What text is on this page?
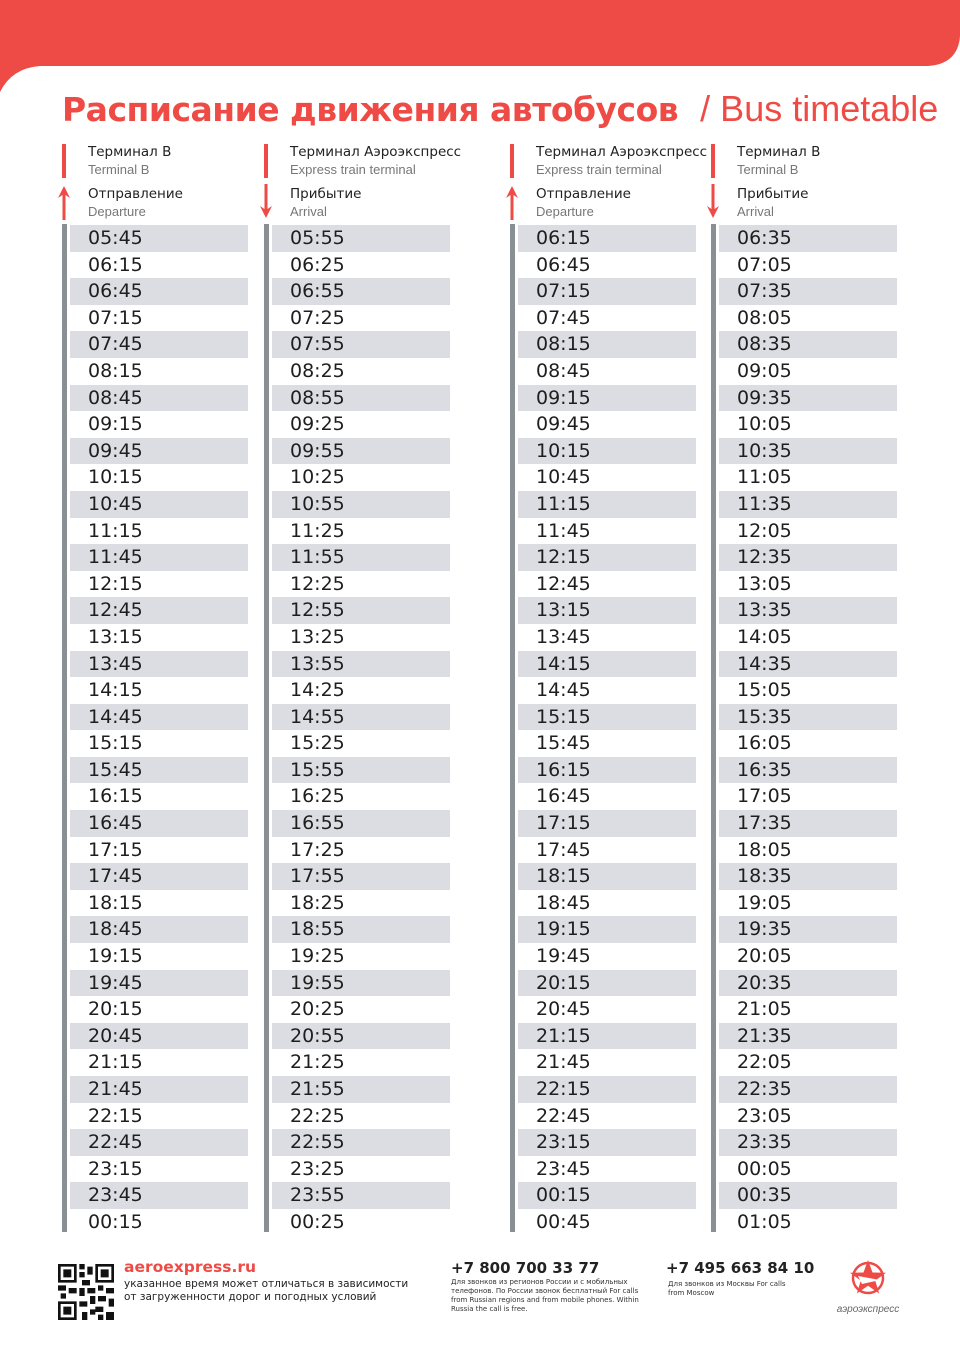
Расписание движения автобусов / Bus timetable
Терминал B
Terminal B
Отправление
Departure
05:45
06:15
06:45
07:15
07:45
08:15
08:45
09:15
09:45
10:15
10:45
11:15
11:45
12:15
12:45
13:15
13:45
14:15
14:45
15:15
15:45
16:15
16:45
17:15
17:45
18:15
18:45
19:15
19:45
20:15
20:45
21:15
21:45
22:15
22:45
23:15
23:45
00:15
Терминал Аэроэкспресс
Express train terminal
Прибытие
Arrival
05:55
06:25
06:55
07:25
07:55
08:25
08:55
09:25
09:55
10:25
10:55
11:25
11:55
12:25
12:55
13:25
13:55
14:25
14:55
15:25
15:55
16:25
16:55
17:25
17:55
18:25
18:55
19:25
19:55
20:25
20:55
21:25
21:55
22:25
22:55
23:25
23:55
00:25
Терминал Аэроэкспресс
Express train terminal
Отправление
Departure
06:15
06:45
07:15
07:45
08:15
08:45
09:15
09:45
10:15
10:45
11:15
11:45
12:15
12:45
13:15
13:45
14:15
14:45
15:15
15:45
16:15
16:45
17:15
17:45
18:15
18:45
19:15
19:45
20:15
20:45
21:15
21:45
22:15
22:45
23:15
23:45
00:15
00:45
Терминал B
Terminal B
Прибытие
Arrival
06:35
07:05
07:35
08:05
08:35
09:05
09:35
10:05
10:35
11:05
11:35
12:05
12:35
13:05
13:35
14:05
14:35
15:05
15:35
16:05
16:35
17:05
17:35
18:05
18:35
19:05
19:35
20:05
20:35
21:05
21:35
22:05
22:35
23:05
23:35
00:05
00:35
01:05
aeroexpress.ru
указанное время может отличаться в зависимости от загруженности дорог и погодных условий
+7 800 700 33 77
Для звонков из регионов России и с мобильных телефонов. По России звонок бесплатный For calls from Russian regions and from mobile phones. Within Russia the call is free.
+7 495 663 84 10
Для звонков из Москвы For calls from Moscow
аэроэкспресс
